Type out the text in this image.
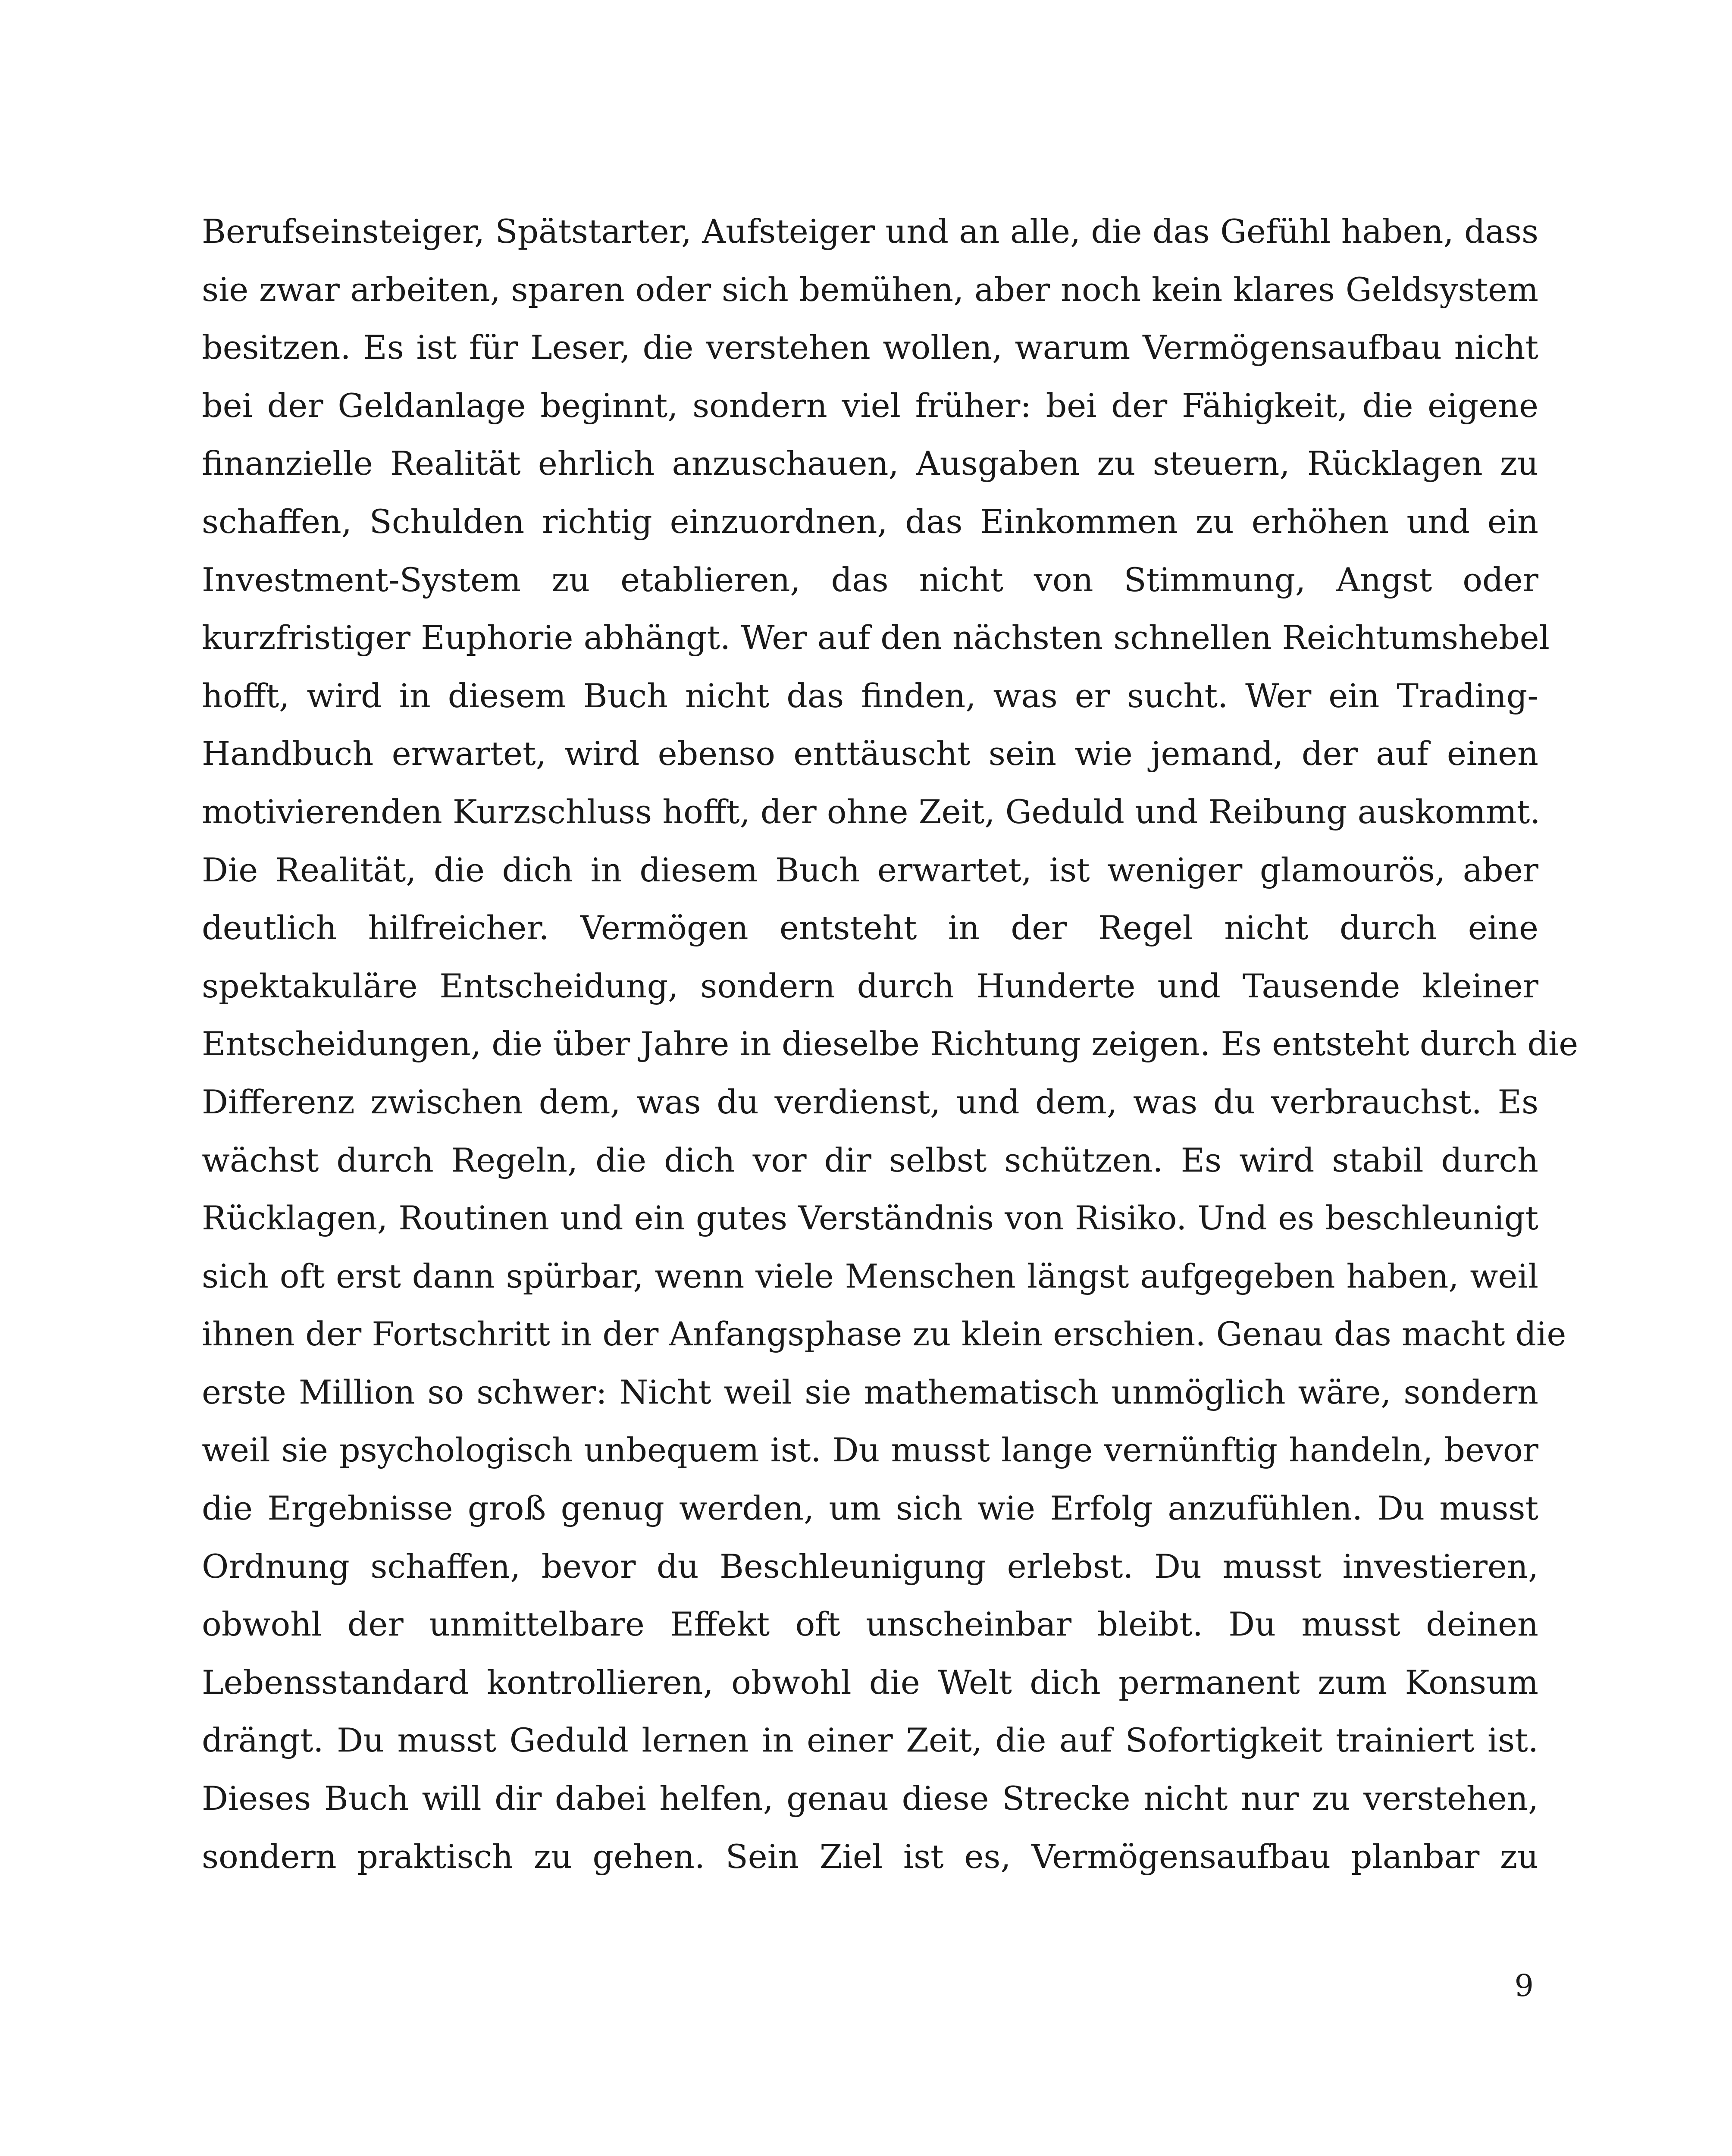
Berufseinsteiger, Spätstarter, Aufsteiger und an alle, die das Gefühl haben, dass
sie zwar arbeiten, sparen oder sich bemühen, aber noch kein klares Geldsystem
besitzen. Es ist für Leser, die verstehen wollen, warum Vermögensaufbau nicht
bei der Geldanlage beginnt, sondern viel früher: bei der Fähigkeit, die eigene
finanzielle Realität ehrlich anzuschauen, Ausgaben zu steuern, Rücklagen zu
schaffen, Schulden richtig einzuordnen, das Einkommen zu erhöhen und ein
Investment-System zu etablieren, das nicht von Stimmung, Angst oder
kurzfristiger Euphorie abhängt. Wer auf den nächsten schnellen Reichtumshebel
hofft, wird in diesem Buch nicht das finden, was er sucht. Wer ein Trading-
Handbuch erwartet, wird ebenso enttäuscht sein wie jemand, der auf einen
motivierenden Kurzschluss hofft, der ohne Zeit, Geduld und Reibung auskommt.
Die Realität, die dich in diesem Buch erwartet, ist weniger glamourös, aber
deutlich hilfreicher. Vermögen entsteht in der Regel nicht durch eine
spektakuläre Entscheidung, sondern durch Hunderte und Tausende kleiner
Entscheidungen, die über Jahre in dieselbe Richtung zeigen. Es entsteht durch die
Differenz zwischen dem, was du verdienst, und dem, was du verbrauchst. Es
wächst durch Regeln, die dich vor dir selbst schützen. Es wird stabil durch
Rücklagen, Routinen und ein gutes Verständnis von Risiko. Und es beschleunigt
sich oft erst dann spürbar, wenn viele Menschen längst aufgegeben haben, weil
ihnen der Fortschritt in der Anfangsphase zu klein erschien. Genau das macht die
erste Million so schwer: Nicht weil sie mathematisch unmöglich wäre, sondern
weil sie psychologisch unbequem ist. Du musst lange vernünftig handeln, bevor
die Ergebnisse groß genug werden, um sich wie Erfolg anzufühlen. Du musst
Ordnung schaffen, bevor du Beschleunigung erlebst. Du musst investieren,
obwohl der unmittelbare Effekt oft unscheinbar bleibt. Du musst deinen
Lebensstandard kontrollieren, obwohl die Welt dich permanent zum Konsum
drängt. Du musst Geduld lernen in einer Zeit, die auf Sofortigkeit trainiert ist.
Dieses Buch will dir dabei helfen, genau diese Strecke nicht nur zu verstehen,
sondern praktisch zu gehen. Sein Ziel ist es, Vermögensaufbau planbar zu
9
